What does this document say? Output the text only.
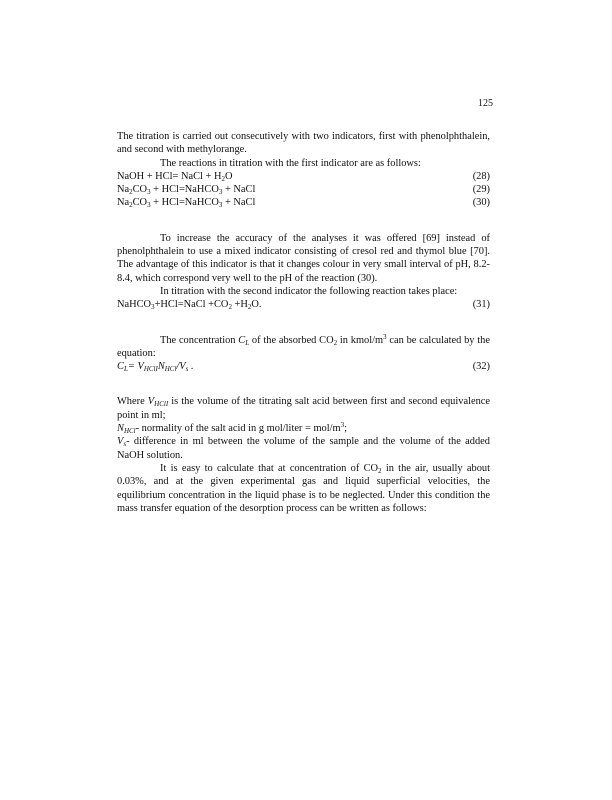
125

The titration is carried out consecutively with two indicators, first with phenolphthalein, and second with methylorange.

The reactions in titration with the first indicator are as follows:

NaOH + HCl= NaCl + $H_2O$	(28)

$Na_2CO_3$ + HCl=NaHCO$_3$ + NaCl	(29)

$Na_2CO_3$ + HCl=NaHCO$_3$ + NaCl	(30)

To increase the accuracy of the analyses it was offered [69] instead of phenolphthalein to use a mixed indicator consisting of cresol red and thymol blue [70]. The advantage of this indicator is that it changes colour in very small interval of pH, 8.2-8.4, which correspond very well to the pH of the reaction (30).

In titration with the second indicator the following reaction takes place:

NaHCO$_3$+HCl=NaCl $+CO_2 +H_2O$.	(31)

The concentration $C_L$ of the absorbed $CO_2$ in kmol/$m^3$ can be calculated by the equation:

$C_L= V_{HClI}N_{HCl}/V_s$ .	(32)

Where $V_{HClI}$ is the volume of the titrating salt acid between first and second equivalence point in ml;

$N_{HCl}-$ normality of the salt acid in g mol/liter = mol/$m^3$;

$V_s-$ difference in ml between the volume of the sample and the volume of the added NaOH solution.

It is easy to calculate that at concentration of $CO_2$ in the air, usually about 0.03%, and at the given experimental gas and liquid superficial velocities, the equilibrium concentration in the liquid phase is to be neglected. Under this condition the mass transfer equation of the desorption process can be written as follows:
